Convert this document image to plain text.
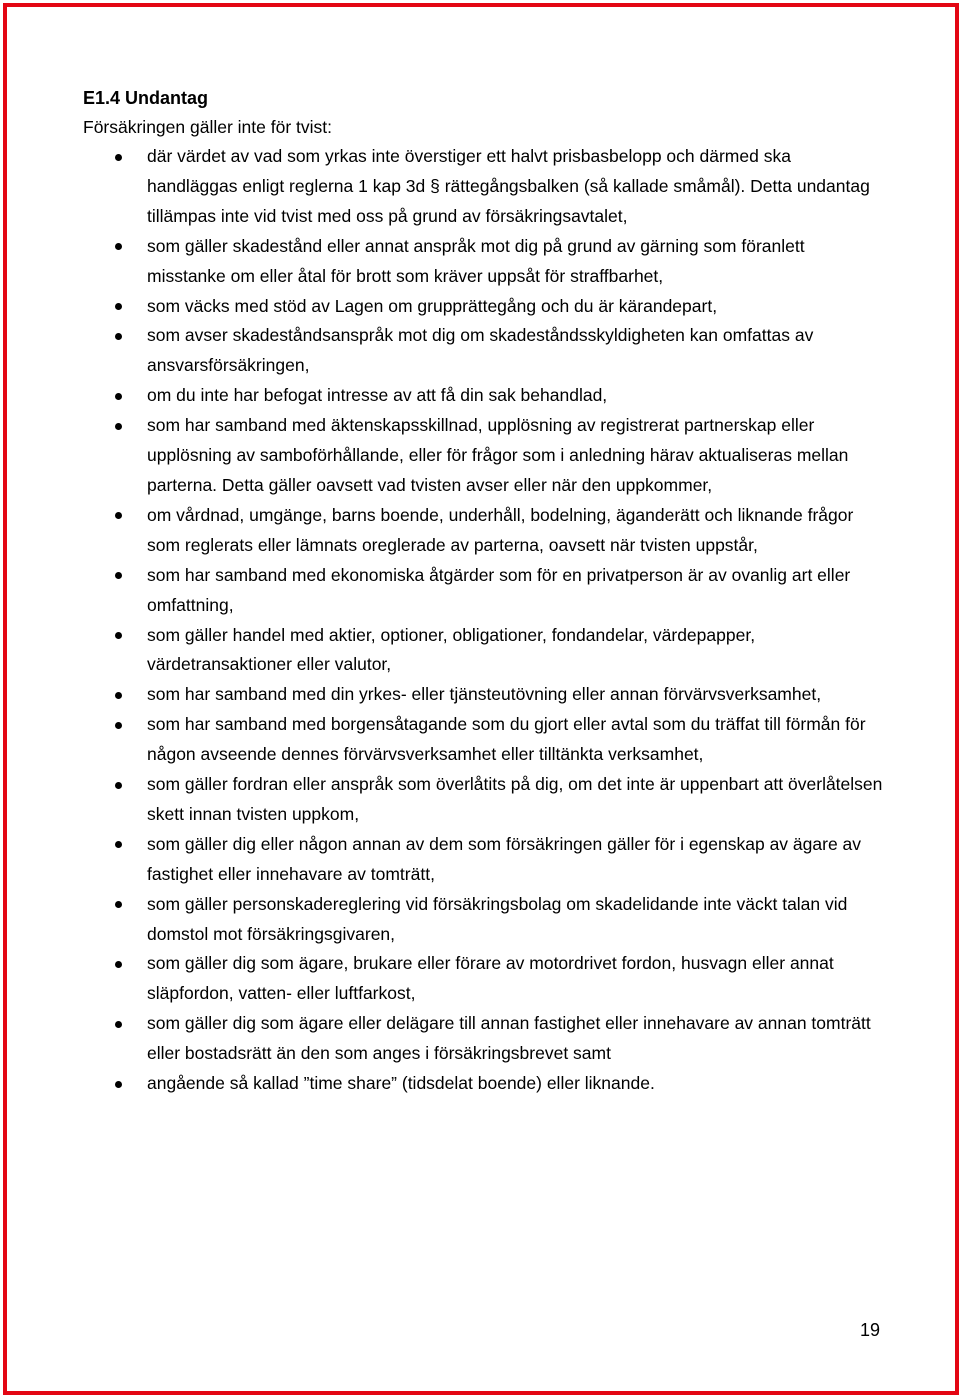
E1.4 Undantag

Försäkringen gäller inte för tvist:

där värdet av vad som yrkas inte överstiger ett halvt prisbasbelopp och därmed ska handläggas enligt reglerna 1 kap 3d § rättegångsbalken (så kallade småmål). Detta undantag tillämpas inte vid tvist med oss på grund av försäkringsavtalet,
som gäller skadestånd eller annat anspråk mot dig på grund av gärning som föranlett misstanke om eller åtal för brott som kräver uppsåt för straffbarhet,
som väcks med stöd av Lagen om grupprättegång och du är kärandepart,
som avser skadeståndsanspråk mot dig om skadeståndsskyldigheten kan omfattas av ansvarsförsäkringen,
om du inte har befogat intresse av att få din sak behandlad,
som har samband med äktenskapsskillnad, upplösning av registrerat partnerskap eller upplösning av samboförhållande, eller för frågor som i anledning härav aktualiseras mellan parterna. Detta gäller oavsett vad tvisten avser eller när den uppkommer,
om vårdnad, umgänge, barns boende, underhåll, bodelning, äganderätt och liknande frågor som reglerats eller lämnats oreglerade av parterna, oavsett när tvisten uppstår,
som har samband med ekonomiska åtgärder som för en privatperson är av ovanlig art eller omfattning,
som gäller handel med aktier, optioner, obligationer, fondandelar, värdepapper, värdetransaktioner eller valutor,
som har samband med din yrkes- eller tjänsteutövning eller annan förvärvsverksamhet,
som har samband med borgensåtagande som du gjort eller avtal som du träffat till förmån för någon avseende dennes förvärvsverksamhet eller tilltänkta verksamhet,
som gäller fordran eller anspråk som överlåtits på dig, om det inte är uppenbart att överlåtelsen skett innan tvisten uppkom,
som gäller dig eller någon annan av dem som försäkringen gäller för i egenskap av ägare av fastighet eller innehavare av tomträtt,
som gäller personskadereglering vid försäkringsbolag om skadelidande inte väckt talan vid domstol mot försäkringsgivaren,
som gäller dig som ägare, brukare eller förare av motordrivet fordon, husvagn eller annat släpfordon, vatten- eller luftfarkost,
som gäller dig som ägare eller delägare till annan fastighet eller innehavare av annan tomträtt eller bostadsrätt än den som anges i försäkringsbrevet samt
angående så kallad ”time share” (tidsdelat boende) eller liknande.
19
